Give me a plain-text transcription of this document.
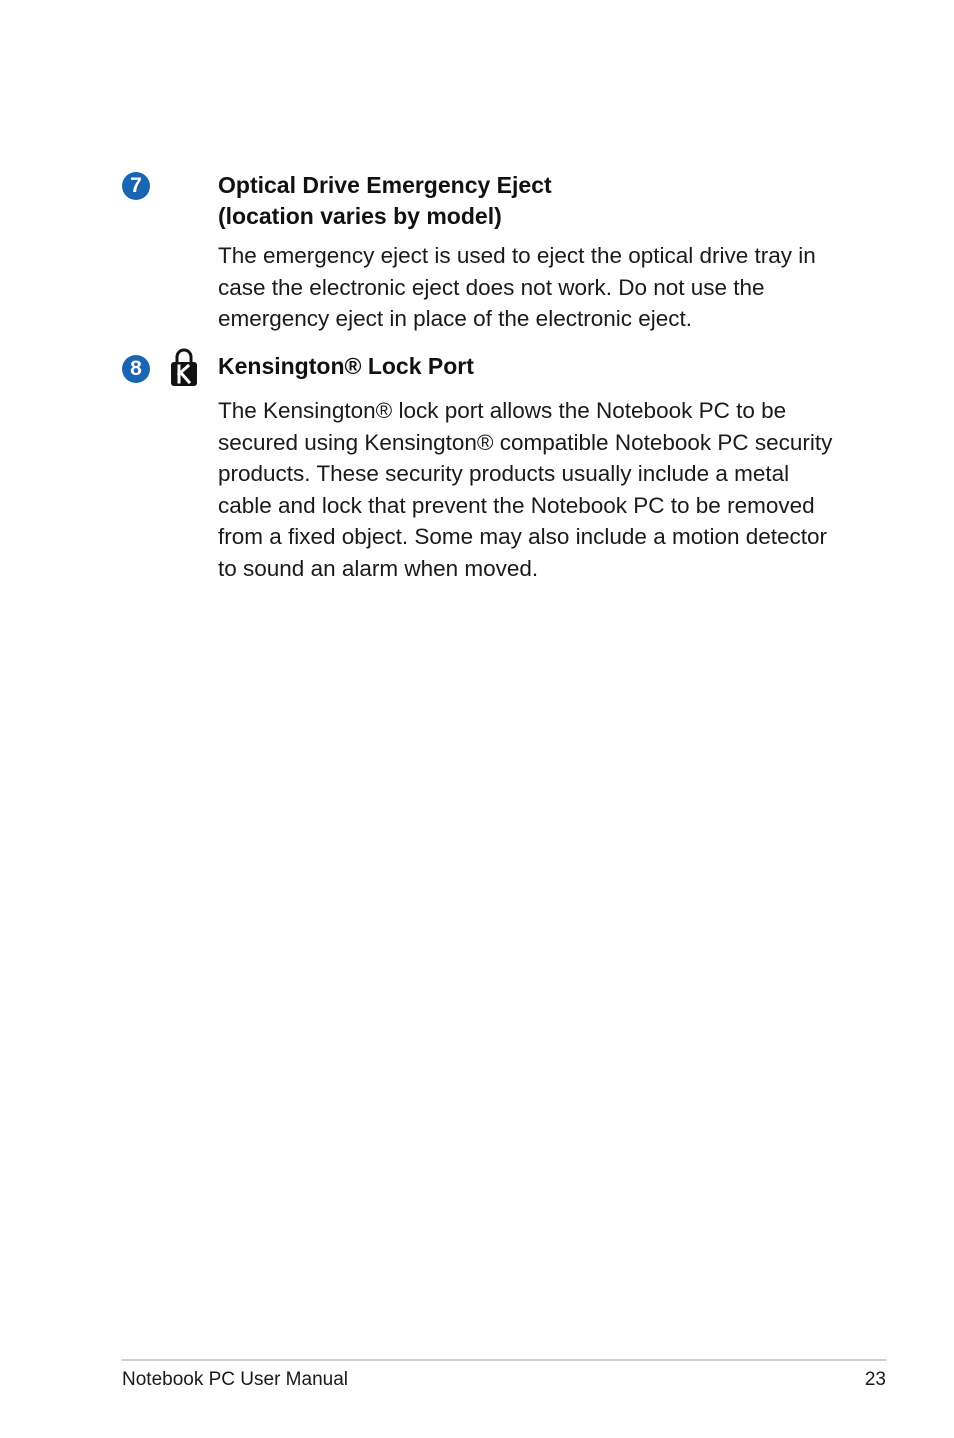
7	Optical Drive Emergency Eject
(location varies by model)
The emergency eject is used to eject the optical drive tray in case the electronic eject does not work. Do not use the emergency eject in place of the electronic eject.
8	Kensington® Lock Port
The Kensington® lock port allows the Notebook PC to be secured using Kensington® compatible Notebook PC security products. These security products usually include a metal cable and lock that prevent the Notebook PC to be removed from a fixed object. Some may also include a motion detector to sound an alarm when moved.
Notebook PC User Manual	23
